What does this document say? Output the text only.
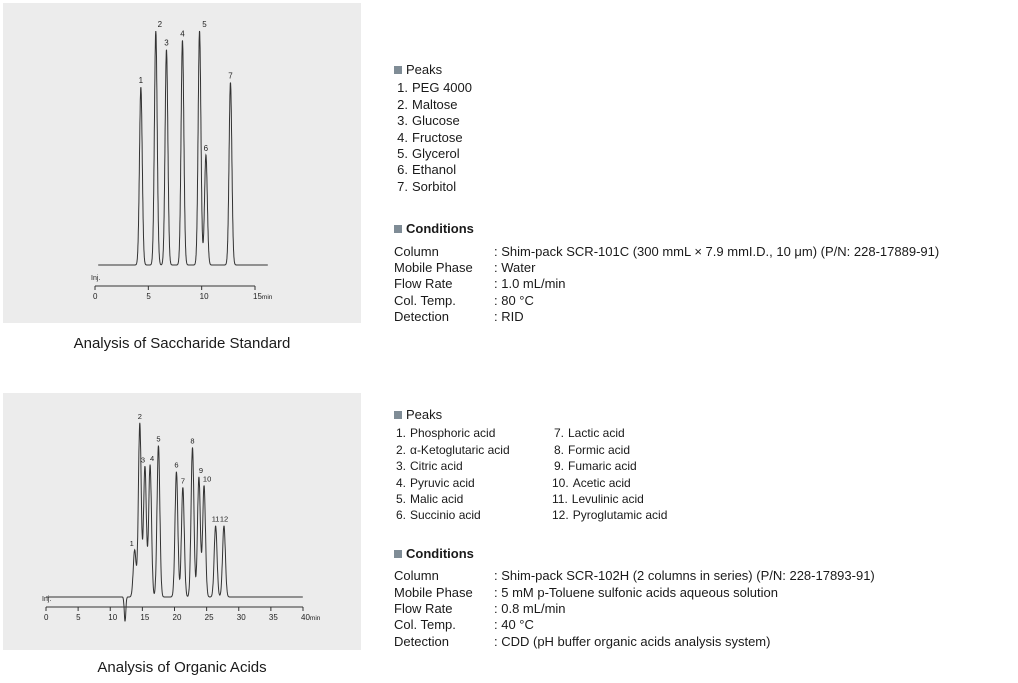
1
2
3
4
5
6
7
Inj.
0	5	10	15min
Analysis of Saccharide Standard
Peaks
1. PEG 4000
2. Maltose
3. Glucose
4. Fructose
5. Glycerol
6. Ethanol
7. Sorbitol
Conditions
Column	: Shim-pack SCR-101C (300 mmL × 7.9 mmI.D., 10 μm) (P/N: 228-17889-91)
Mobile Phase	: Water
Flow Rate	: 1.0 mL/min
Col. Temp.	: 80 °C
Detection	: RID
1
2
3 4
5
6
7
8
9
10
11 12
Inj.
0	5	10	15	20	25	30	35	40min
Analysis of Organic Acids
Peaks
1. Phosphoric acid
2. α-Ketoglutaric acid
3. Citric acid
4. Pyruvic acid
5. Malic acid
6. Succinio acid
7. Lactic acid
8. Formic acid
9. Fumaric acid
10. Acetic acid
11. Levulinic acid
12. Pyroglutamic acid
Conditions
Column	: Shim-pack SCR-102H (2 columns in series) (P/N: 228-17893-91)
Mobile Phase	: 5 mM p-Toluene sulfonic acids aqueous solution
Flow Rate	: 0.8 mL/min
Col. Temp.	: 40 °C
Detection	: CDD (pH buffer organic acids analysis system)
